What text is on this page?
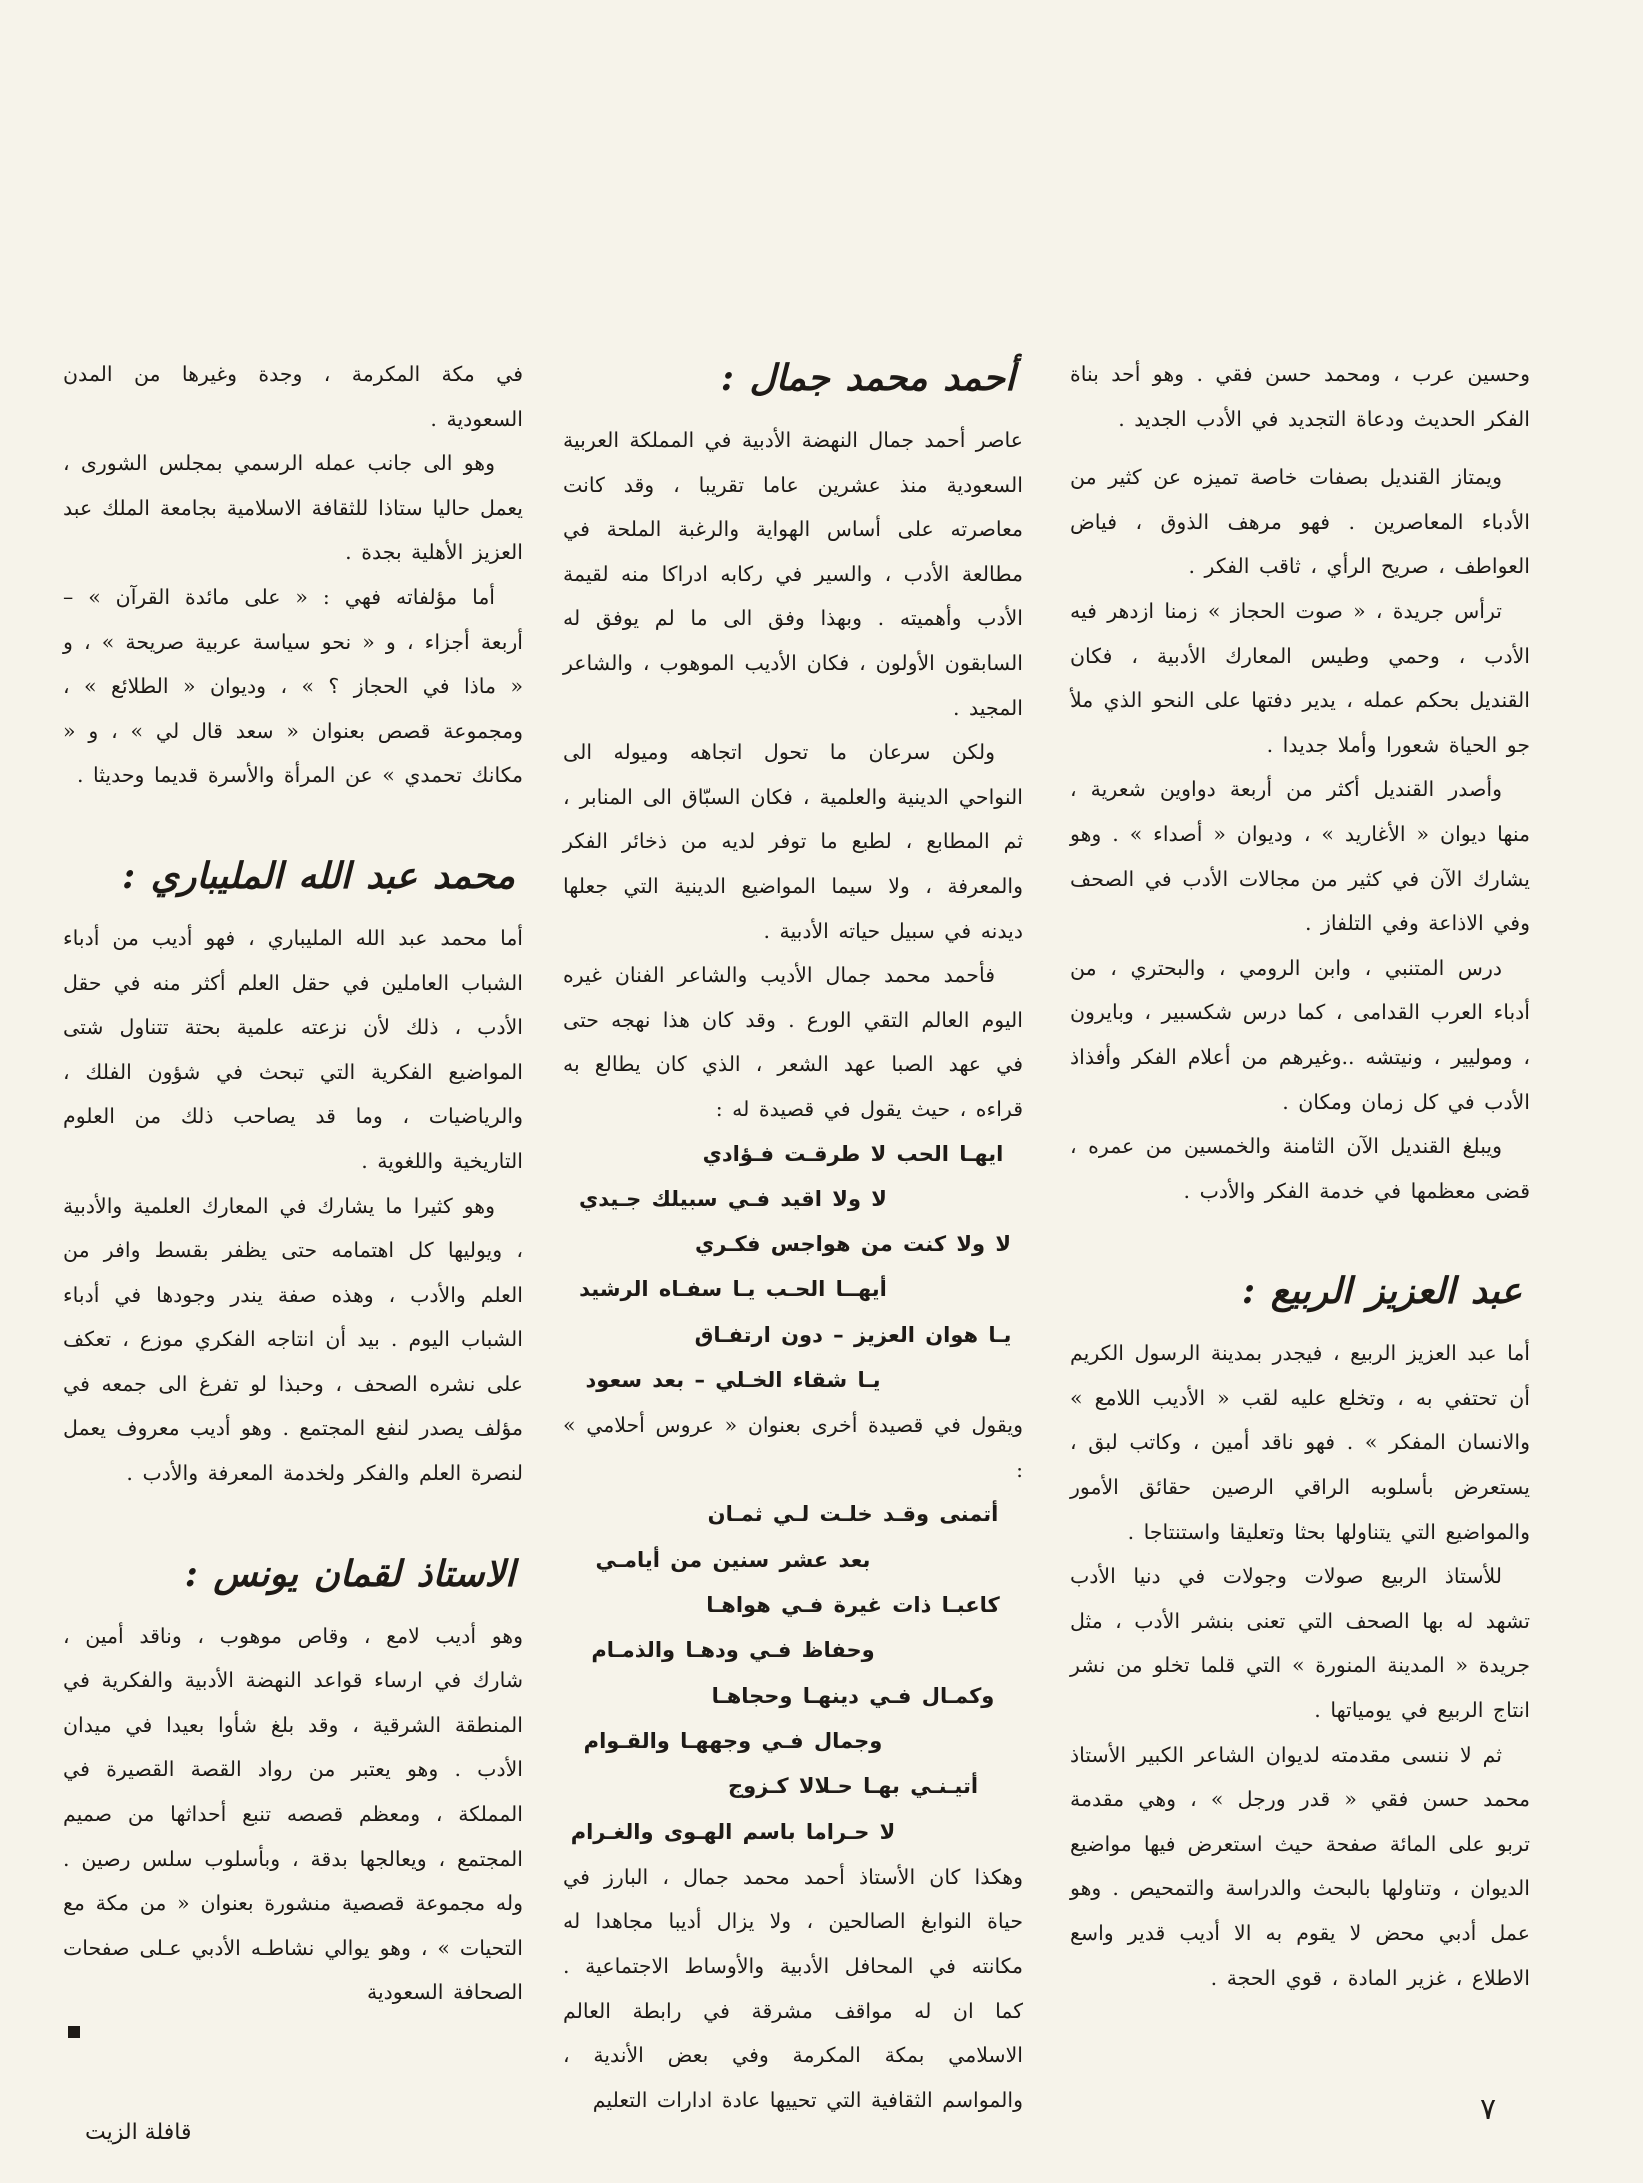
وحسين عرب ، ومحمد حسن فقي . وهو أحد بناة الفكر الحديث ودعاة التجديد في الأدب الجديد .

ويمتاز القنديل بصفات خاصة تميزه عن كثير من الأدباء المعاصرين . فهو مرهف الذوق ، فياض العواطف ، صريح الرأي ، ثاقب الفكر .

ترأس جريدة ، « صوت الحجاز » زمنا ازدهر فيه الأدب ، وحمي وطيس المعارك الأدبية ، فكان القنديل بحكم عمله ، يدير دفتها على النحو الذي ملأ جو الحياة شعورا وأملا جديدا .

وأصدر القنديل أكثر من أربعة دواوين شعرية ، منها ديوان « الأغاريد » ، وديوان « أصداء » . وهو يشارك الآن في كثير من مجالات الأدب في الصحف وفي الاذاعة وفي التلفاز .

درس المتنبي ، وابن الرومي ، والبحتري ، من أدباء العرب القدامى ، كما درس شكسبير ، وبايرون ، وموليير ، ونيتشه ..وغيرهم من أعلام الفكر وأفذاذ الأدب في كل زمان ومكان .

ويبلغ القنديل الآن الثامنة والخمسين من عمره ، قضى معظمها في خدمة الفكر والأدب .

عبد العزيز الربيع :

أما عبد العزيز الربيع ، فيجدر بمدينة الرسول الكريم أن تحتفي به ، وتخلع عليه لقب « الأديب اللامع » والانسان المفكر » . فهو ناقد أمين ، وكاتب لبق ، يستعرض بأسلوبه الراقي الرصين حقائق الأمور والمواضيع التي يتناولها بحثا وتعليقا واستنتاجا .

للأستاذ الربيع صولات وجولات في دنيا الأدب تشهد له بها الصحف التي تعنى بنشر الأدب ، مثل جريدة « المدينة المنورة » التي قلما تخلو من نشر انتاج الربيع في يومياتها .

ثم لا ننسى مقدمته لديوان الشاعر الكبير الأستاذ محمد حسن فقي « قدر ورجل » ، وهي مقدمة تربو على المائة صفحة حيث استعرض فيها مواضيع الديوان ، وتناولها بالبحث والدراسة والتمحيص . وهو عمل أدبي محض لا يقوم به الا أديب قدير واسع الاطلاع ، غزير المادة ، قوي الحجة .

أحمد محمد جمال :

عاصر أحمد جمال النهضة الأدبية في المملكة العربية السعودية منذ عشرين عاما تقريبا ، وقد كانت معاصرته على أساس الهواية والرغبة الملحة في مطالعة الأدب ، والسير في ركابه ادراكا منه لقيمة الأدب وأهميته . وبهذا وفق الى ما لم يوفق له السابقون الأولون ، فكان الأديب الموهوب ، والشاعر المجيد .

ولكن سرعان ما تحول اتجاهه وميوله الى النواحي الدينية والعلمية ، فكان السبّاق الى المنابر ، ثم المطابع ، لطبع ما توفر لديه من ذخائر الفكر والمعرفة ، ولا سيما المواضيع الدينية التي جعلها ديدنه في سبيل حياته الأدبية .

فأحمد محمد جمال الأديب والشاعر الفنان غيره اليوم العالم التقي الورع . وقد كان هذا نهجه حتى في عهد الصبا عهد الشعر ، الذي كان يطالع به قراءه ، حيث يقول في قصيدة له :

ايهـا الحب لا طرقـت فـؤادي

لا ولا اقيد فـي سبيلك جـيدي

لا ولا كنت من هواجس فكـري

أيهــا الحـب يـا سفـاه الرشيد

يـا هوان العزيز – دون ارتفـاق

يـا شقاء الخـلي – بعد سعود

ويقول في قصيدة أخرى بعنوان « عروس أحلامي » :

أتمنى وقـد خلـت لـي ثمـان

بعد عشر سنين من أيامـي

كاعبـا ذات غيرة فـي هواهـا

وحفاظ فـي ودهـا والذمـام

وكمـال فـي دينهـا وحجاهـا

وجمال فـي وجههـا والقـوام

أتيـنـي بهـا حـلالا كـزوج

لا حـراما باسم الهـوى والغـرام

وهكذا كان الأستاذ أحمد محمد جمال ، البارز في حياة النوابغ الصالحين ، ولا يزال أديبا مجاهدا له مكانته في المحافل الأدبية والأوساط الاجتماعية . كما ان له مواقف مشرقة في رابطة العالم الاسلامي بمكة المكرمة وفي بعض الأندية ، والمواسم الثقافية التي تحييها عادة ادارات التعليم

في مكة المكرمة ، وجدة وغيرها من المدن السعودية .

وهو الى جانب عمله الرسمي بمجلس الشورى ، يعمل حاليا ستاذا للثقافة الاسلامية بجامعة الملك عبد العزيز الأهلية بجدة .

أما مؤلفاته فهي : « على مائدة القرآن » – أربعة أجزاء ، و « نحو سياسة عربية صريحة » ، و « ماذا في الحجاز ؟ » ، وديوان « الطلائع » ، ومجموعة قصص بعنوان « سعد قال لي » ، و « مكانك تحمدي » عن المرأة والأسرة قديما وحديثا .

محمد عبد الله المليباري :

أما محمد عبد الله المليباري ، فهو أديب من أدباء الشباب العاملين في حقل العلم أكثر منه في حقل الأدب ، ذلك لأن نزعته علمية بحتة تتناول شتى المواضيع الفكرية التي تبحث في شؤون الفلك ، والرياضيات ، وما قد يصاحب ذلك من العلوم التاريخية واللغوية .

وهو كثيرا ما يشارك في المعارك العلمية والأدبية ، ويوليها كل اهتمامه حتى يظفر بقسط وافر من العلم والأدب ، وهذه صفة يندر وجودها في أدباء الشباب اليوم . بيد أن انتاجه الفكري موزع ، تعكف على نشره الصحف ، وحبذا لو تفرغ الى جمعه في مؤلف يصدر لنفع المجتمع . وهو أديب معروف يعمل لنصرة العلم والفكر ولخدمة المعرفة والأدب .

الاستاذ لقمان يونس :

وهو أديب لامع ، وقاص موهوب ، وناقد أمين ، شارك في ارساء قواعد النهضة الأدبية والفكرية في المنطقة الشرقية ، وقد بلغ شأوا بعيدا في ميدان الأدب . وهو يعتبر من رواد القصة القصيرة في المملكة ، ومعظم قصصه تنبع أحداثها من صميم المجتمع ، ويعالجها بدقة ، وبأسلوب سلس رصين . وله مجموعة قصصية منشورة بعنوان « من مكة مع التحيات » ، وهو يوالي نشاطـه الأدبي عـلى صفحات الصحافة السعودية

٧
قافلة الزيت
